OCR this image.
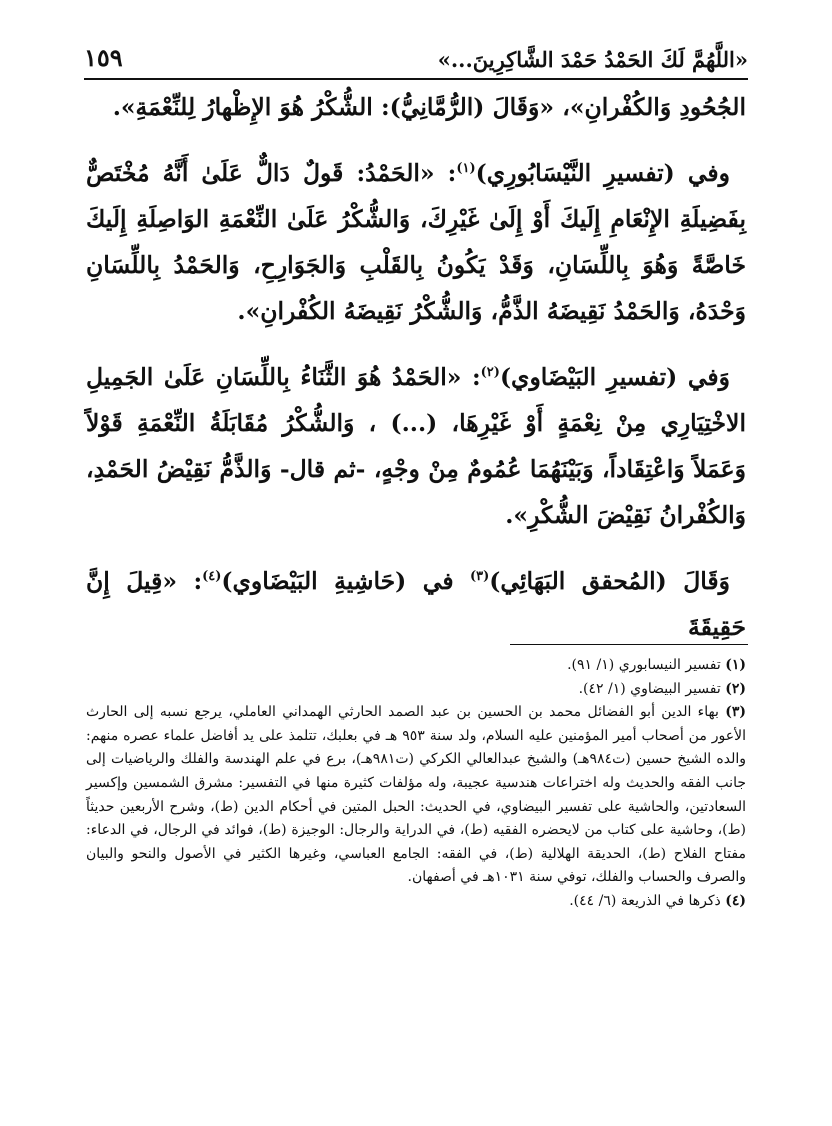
«اللَّهُمَّ لَكَ الحَمْدُ حَمْدَ الشَّاكِرِينَ...»
١٥٩

الجُحُودِ وَالكُفْرانِ»، «وَقَالَ (الرُّمَّانِيُّ): الشُّكْرُ هُوَ الإِظْهارُ لِلنِّعْمَةِ».

وفي (تفسيرِ النَّيْسَابُورِي)$^{(١)}$: «الحَمْدُ: قَولٌ دَالٌّ عَلَىٰ أَنَّهُ مُخْتَصٌّ بِفَضِيلَةِ الإِنْعَامِ إِلَيكَ أَوْ إِلَىٰ غَيْرِكَ، وَالشُّكْرُ عَلَىٰ النِّعْمَةِ الوَاصِلَةِ إِلَيكَ خَاصَّةً وَهُوَ بِاللِّسَانِ، وَقَدْ يَكُونُ بِالقَلْبِ وَالجَوَارِحِ، وَالحَمْدُ بِاللِّسَانِ وَحْدَهُ، وَالحَمْدُ نَقِيضَهُ الذَّمُّ، وَالشُّكْرُ نَقِيضَهُ الكُفْرانِ».

وَفي (تفسيرِ البَيْضَاوي)$^{(٢)}$: «الحَمْدُ هُوَ الثَّنَاءُ بِاللِّسَانِ عَلَىٰ الجَمِيلِ الاخْتِيَارِي مِنْ نِعْمَةٍ أَوْ غَيْرِهَا، (...) ، وَالشُّكْرُ مُقَابَلَةُ النِّعْمَةِ قَوْلاً وَعَمَلاً وَاعْتِقَاداً، وَبَيْنَهُمَا عُمُومٌ مِنْ وجْهٍ، -ثم قال- وَالذَّمُّ نَقِيْضُ الحَمْدِ، وَالكُفْرانُ نَقِيْضَ الشُّكْرِ».

وَقَالَ (المُحقق البَهَائِي)$^{(٣)}$ في (حَاشِيةِ البَيْضَاوي)$^{(٤)}$: «قِيلَ إِنَّ حَقِيقَةَ

(١) تفسير النيسابوري (١/ ٩١).

(٢) تفسير البيضاوي (١/ ٤٢).

(٣) بهاء الدين أبو الفضائل محمد بن الحسين بن عبد الصمد الحارثي الهمداني العاملي، يرجع نسبه إلى الحارث الأعور من أصحاب أمير المؤمنين عليه السلام، ولد سنة ٩٥٣ هـ في بعلبك، تتلمذ على يد أفاضل علماء عصره منهم: والده الشيخ حسين (ت٩٨٤هـ) والشيخ عبدالعالي الكركي (ت٩٨١هـ)، برع في علم الهندسة والفلك والرياضيات إلى جانب الفقه والحديث وله اختراعات هندسية عجيبة، وله مؤلفات كثيرة منها في التفسير: مشرق الشمسين وإكسير السعادتين، والحاشية على تفسير البيضاوي، في الحديث: الحبل المتين في أحكام الدين (ط)، وشرح الأربعين حديثاً (ط)، وحاشية على كتاب من لايحضره الفقيه (ط)، في الدراية والرجال: الوجيزة (ط)، فوائد في الرجال، في الدعاء: مفتاح الفلاح (ط)، الحديقة الهلالية (ط)، في الفقه: الجامع العباسي، وغيرها الكثير في الأصول والنحو والبيان والصرف والحساب والفلك، توفي سنة ١٠٣١هـ في أصفهان.

(٤) ذكرها في الذريعة (٦/ ٤٤).
